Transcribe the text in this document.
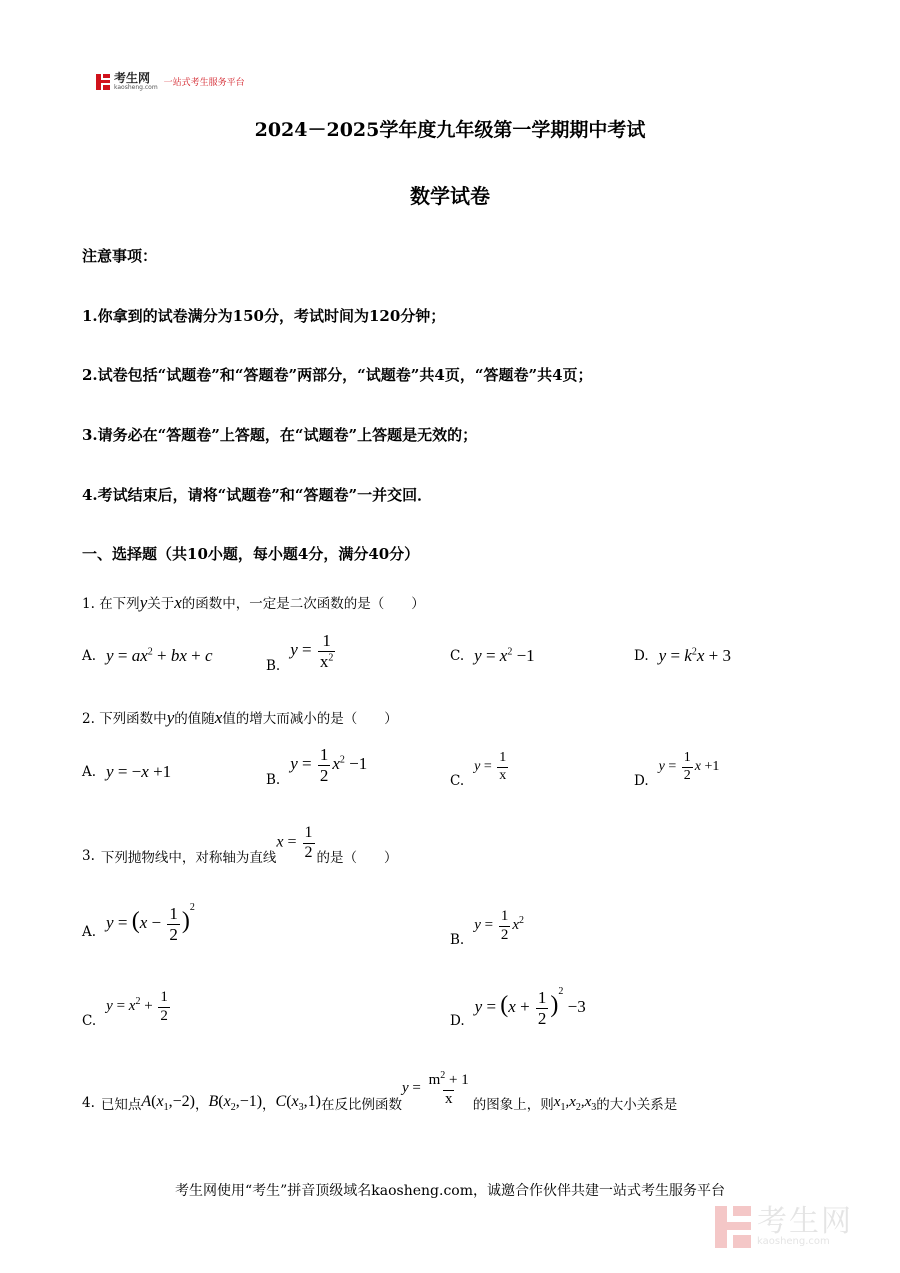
考生网
kaosheng.com 一站式考生服务平台
2024－2025学年度九年级第一学期期中考试
数学试卷
注意事项：
1.你拿到的试卷满分为150分，考试时间为120分钟；
2.试卷包括“试题卷”和“答题卷”两部分，“试题卷”共4页，“答题卷”共4页；
3.请务必在“答题卷”上答题，在“试题卷”上答题是无效的；
4.考试结束后，请将“试题卷”和“答题卷”一并交回．
一、选择题（共10小题，每小题4分，满分40分）
1. 在下列y关于x的函数中，一定是二次函数的是（　　）
A. $y = ax^2$ + bx + c
B.
$y = \frac{1}{x^2}$	C. $y = x^2 -1$	D. $y = k^2x + 3$
2. 下列函数中y的值随x值的增大而减小的是（　　）
A. y = −x +1	B.
$y = \frac{1}{2} x^2 -1$
C.
$y = \frac{1}{x}$	D.
$y = \frac{1}{2}$ x +1
3. 下列抛物线中，对称轴为直线
$x = \frac{1}{2}$ 的是（　　）
A.
$y = (x - \frac{1}{2} )^2$
B.
$y = \frac{1}{2} x^2$
C.
$y = x^2 + \frac{1}{2}$	D.
$y = (x + \frac{1}{2} )^2 -3$
4. 已知点 $A(x_1,-2)$ ， $B(x_2,-1)$ ， $C(x_3,1)$ 在反比例函数
$y = \frac{m^2 + 1}{x}$ 的图象上，则 $x_1,x_2,x_3$ 的大小关系是
考生网使用“考生”拼音顶级域名kaosheng.com，诚邀合作伙伴共建一站式考生服务平台
考生网
kaosheng.com
